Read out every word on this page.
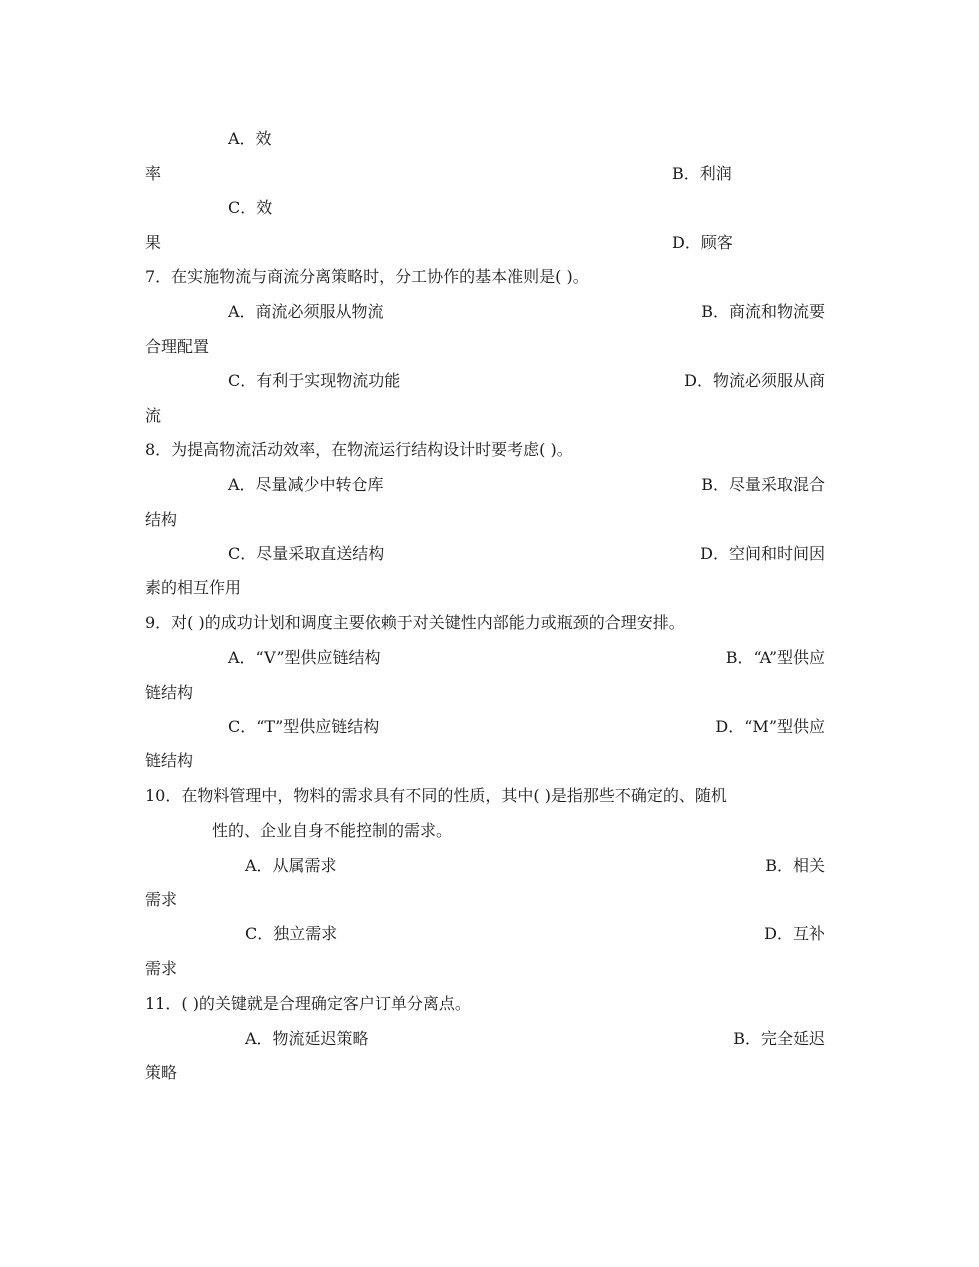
A．效
率	B．利润
C．效
果	D．顾客
7．在实施物流与商流分离策略时，分工协作的基本准则是( )。
A．商流必须服从物流	B．商流和物流要
合理配置
C．有利于实现物流功能	D．物流必须服从商
流
8．为提高物流活动效率，在物流运行结构设计时要考虑( )。
A．尽量减少中转仓库	B．尽量采取混合
结构
C．尽量采取直送结构	D．空间和时间因
素的相互作用
9．对( )的成功计划和调度主要依赖于对关键性内部能力或瓶颈的合理安排。
A．“V”型供应链结构	B．“A”型供应
链结构
C．“T”型供应链结构	D．“M”型供应
链结构
10．在物料管理中，物料的需求具有不同的性质，其中( )是指那些不确定的、随机
性的、企业自身不能控制的需求。
A．从属需求	B．相关
需求
C．独立需求	D．互补
需求
11．( )的关键就是合理确定客户订单分离点。
A．物流延迟策略	B．完全延迟
策略
